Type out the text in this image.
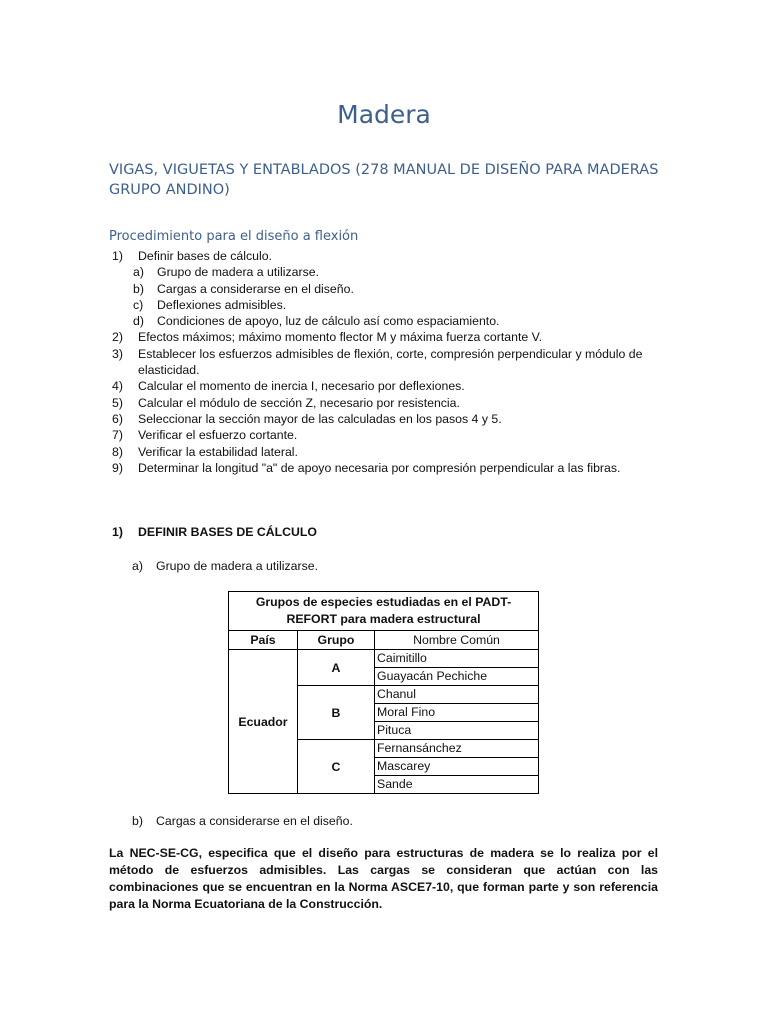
Madera
VIGAS, VIGUETAS Y ENTABLADOS (278 MANUAL DE DISEÑO PARA MADERAS GRUPO ANDINO)
Procedimiento para el diseño a flexión
1) Definir bases de cálculo.
a) Grupo de madera a utilizarse.
b) Cargas a considerarse en el diseño.
c) Deflexiones admisibles.
d) Condiciones de apoyo, luz de cálculo así como espaciamiento.
2) Efectos máximos; máximo momento flector M y máxima fuerza cortante V.
3) Establecer los esfuerzos admisibles de flexión, corte, compresión perpendicular y módulo de elasticidad.
4) Calcular el momento de inercia I, necesario por deflexiones.
5) Calcular el módulo de sección Z, necesario por resistencia.
6) Seleccionar la sección mayor de las calculadas en los pasos 4 y 5.
7) Verificar el esfuerzo cortante.
8) Verificar la estabilidad lateral.
9) Determinar la longitud "a" de apoyo necesaria por compresión perpendicular a las fibras.
1) DEFINIR BASES DE CÁLCULO
a) Grupo de madera a utilizarse.
Grupos de especies estudiadas en el PADT-REFORT para madera estructural		
País	Grupo	Nombre Común
Ecuador	A	Caimitillo
		Guayacán Pechiche
	B	Chanul
		Moral Fino
		Pituca
	C	Fernansánchez
		Mascarey
		Sande
b) Cargas a considerarse en el diseño.
La NEC-SE-CG, especifica que el diseño para estructuras de madera se lo realiza por el método de esfuerzos admisibles. Las cargas se consideran que actúan con las combinaciones que se encuentran en la Norma ASCE7-10, que forman parte y son referencia para la Norma Ecuatoriana de la Construcción.
